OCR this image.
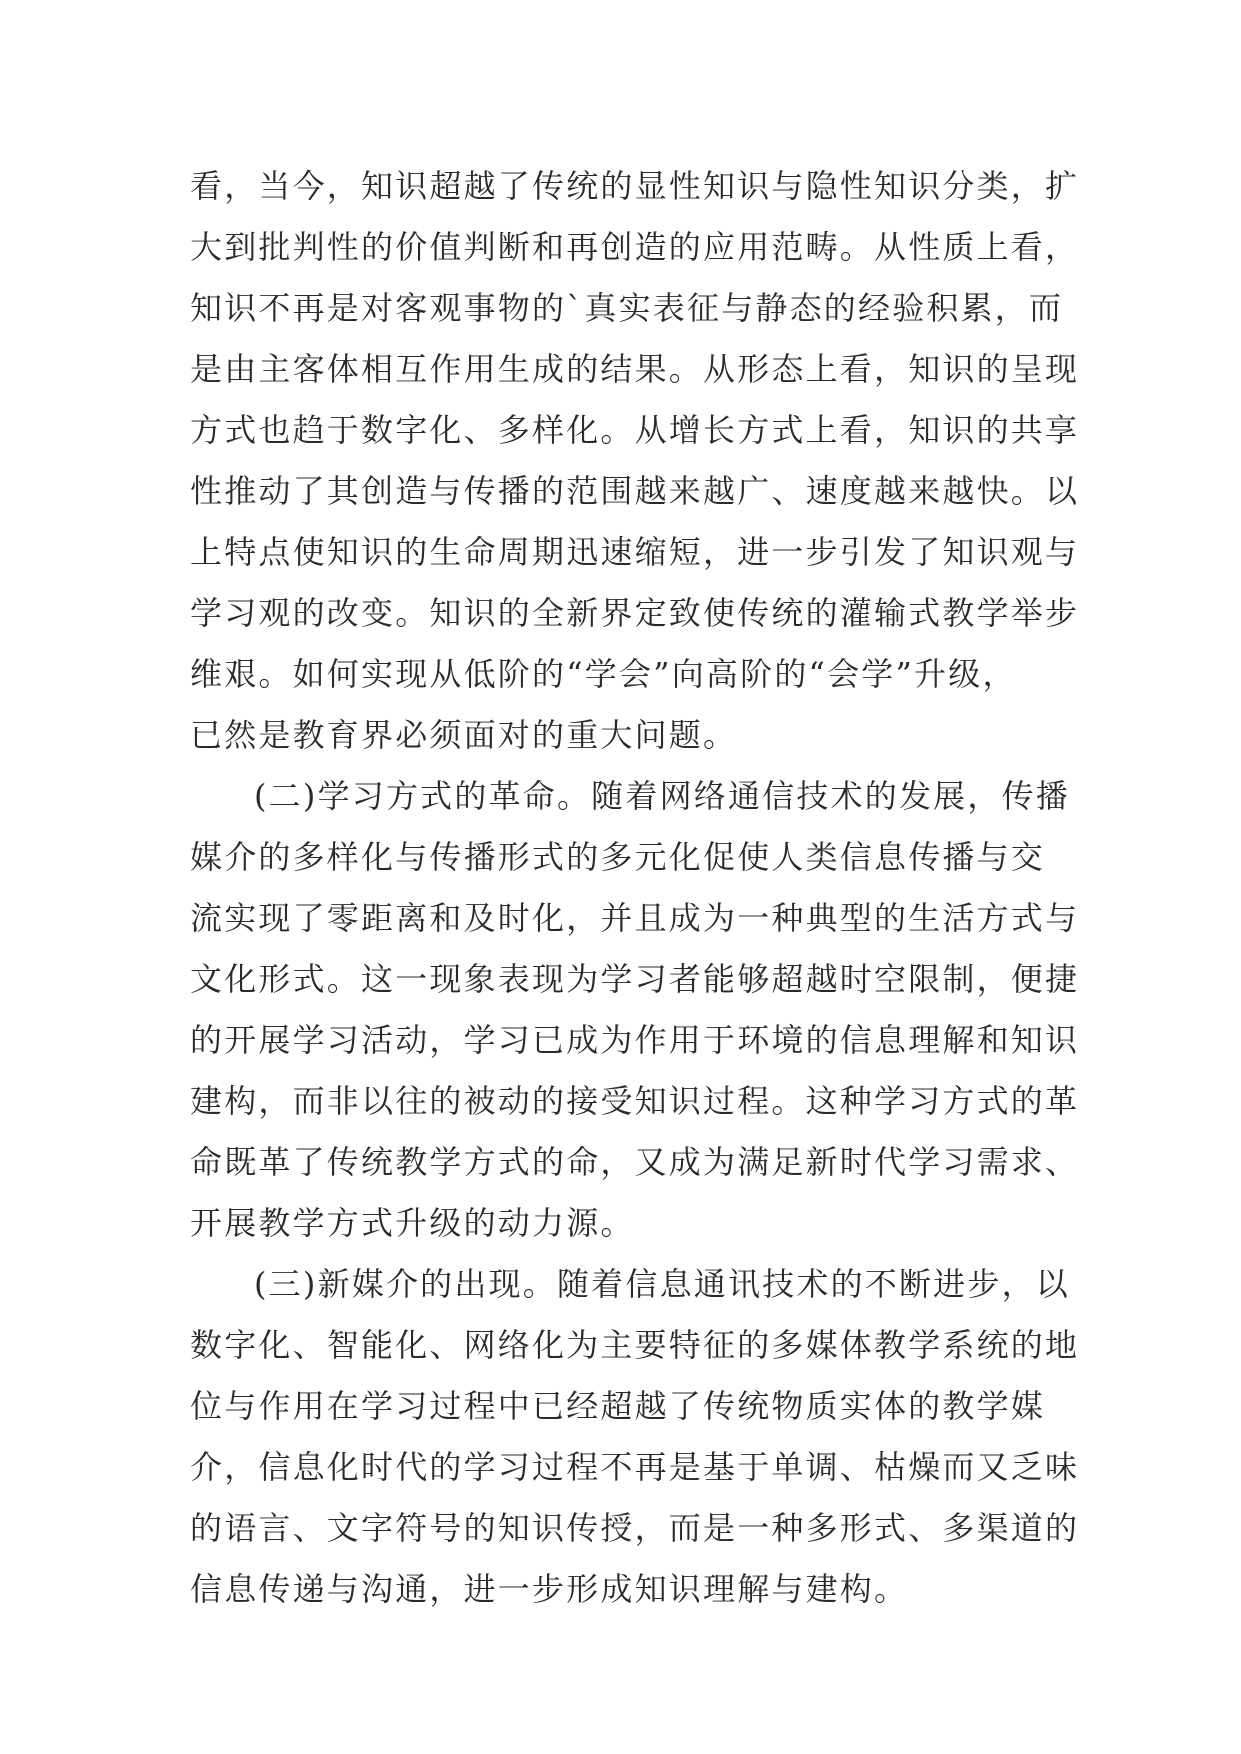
看，当今，知识超越了传统的显性知识与隐性知识分类，扩
大到批判性的价值判断和再创造的应用范畴。从性质上看，
知识不再是对客观事物的`真实表征与静态的经验积累，而
是由主客体相互作用生成的结果。从形态上看，知识的呈现
方式也趋于数字化、多样化。从增长方式上看，知识的共享
性推动了其创造与传播的范围越来越广、速度越来越快。以
上特点使知识的生命周期迅速缩短，进一步引发了知识观与
学习观的改变。知识的全新界定致使传统的灌输式教学举步
维艰。如何实现从低阶的“学会”向高阶的“会学”升级，
已然是教育界必须面对的重大问题。
(二)学习方式的革命。随着网络通信技术的发展，传播
媒介的多样化与传播形式的多元化促使人类信息传播与交
流实现了零距离和及时化，并且成为一种典型的生活方式与
文化形式。这一现象表现为学习者能够超越时空限制，便捷
的开展学习活动，学习已成为作用于环境的信息理解和知识
建构，而非以往的被动的接受知识过程。这种学习方式的革
命既革了传统教学方式的命，又成为满足新时代学习需求、
开展教学方式升级的动力源。
(三)新媒介的出现。随着信息通讯技术的不断进步，以
数字化、智能化、网络化为主要特征的多媒体教学系统的地
位与作用在学习过程中已经超越了传统物质实体的教学媒
介，信息化时代的学习过程不再是基于单调、枯燥而又乏味
的语言、文字符号的知识传授，而是一种多形式、多渠道的
信息传递与沟通，进一步形成知识理解与建构。
